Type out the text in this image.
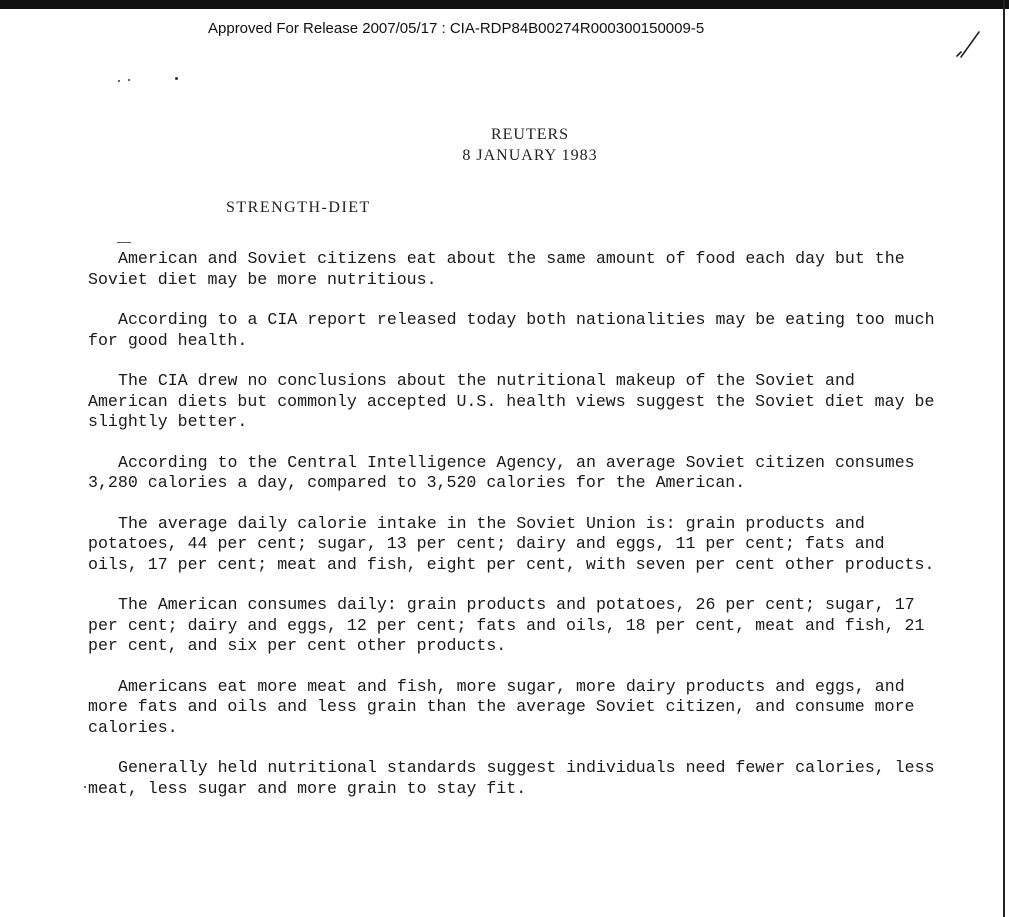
Approved For Release 2007/05/17 : CIA-RDP84B00274R000300150009-5
REUTERS
8 JANUARY 1983
STRENGTH-DIET

American and Soviet citizens eat about the same amount of food each day but the Soviet diet may be more nutritious.

According to a CIA report released today both nationalities may be eating too much for good health.

The CIA drew no conclusions about the nutritional makeup of the Soviet and American diets but commonly accepted U.S. health views suggest the Soviet diet may be slightly better.

According to the Central Intelligence Agency, an average Soviet citizen consumes 3,280 calories a day, compared to 3,520 calories for the American.

The average daily calorie intake in the Soviet Union is: grain products and potatoes, 44 per cent; sugar, 13 per cent; dairy and eggs, 11 per cent; fats and oils, 17 per cent; meat and fish, eight per cent, with seven per cent other products.

The American consumes daily: grain products and potatoes, 26 per cent; sugar, 17 per cent; dairy and eggs, 12 per cent; fats and oils, 18 per cent, meat and fish, 21 per cent, and six per cent other products.

Americans eat more meat and fish, more sugar, more dairy products and eggs, and more fats and oils and less grain than the average Soviet citizen, and consume more calories.

Generally held nutritional standards suggest individuals need fewer calories, less meat, less sugar and more grain to stay fit.
